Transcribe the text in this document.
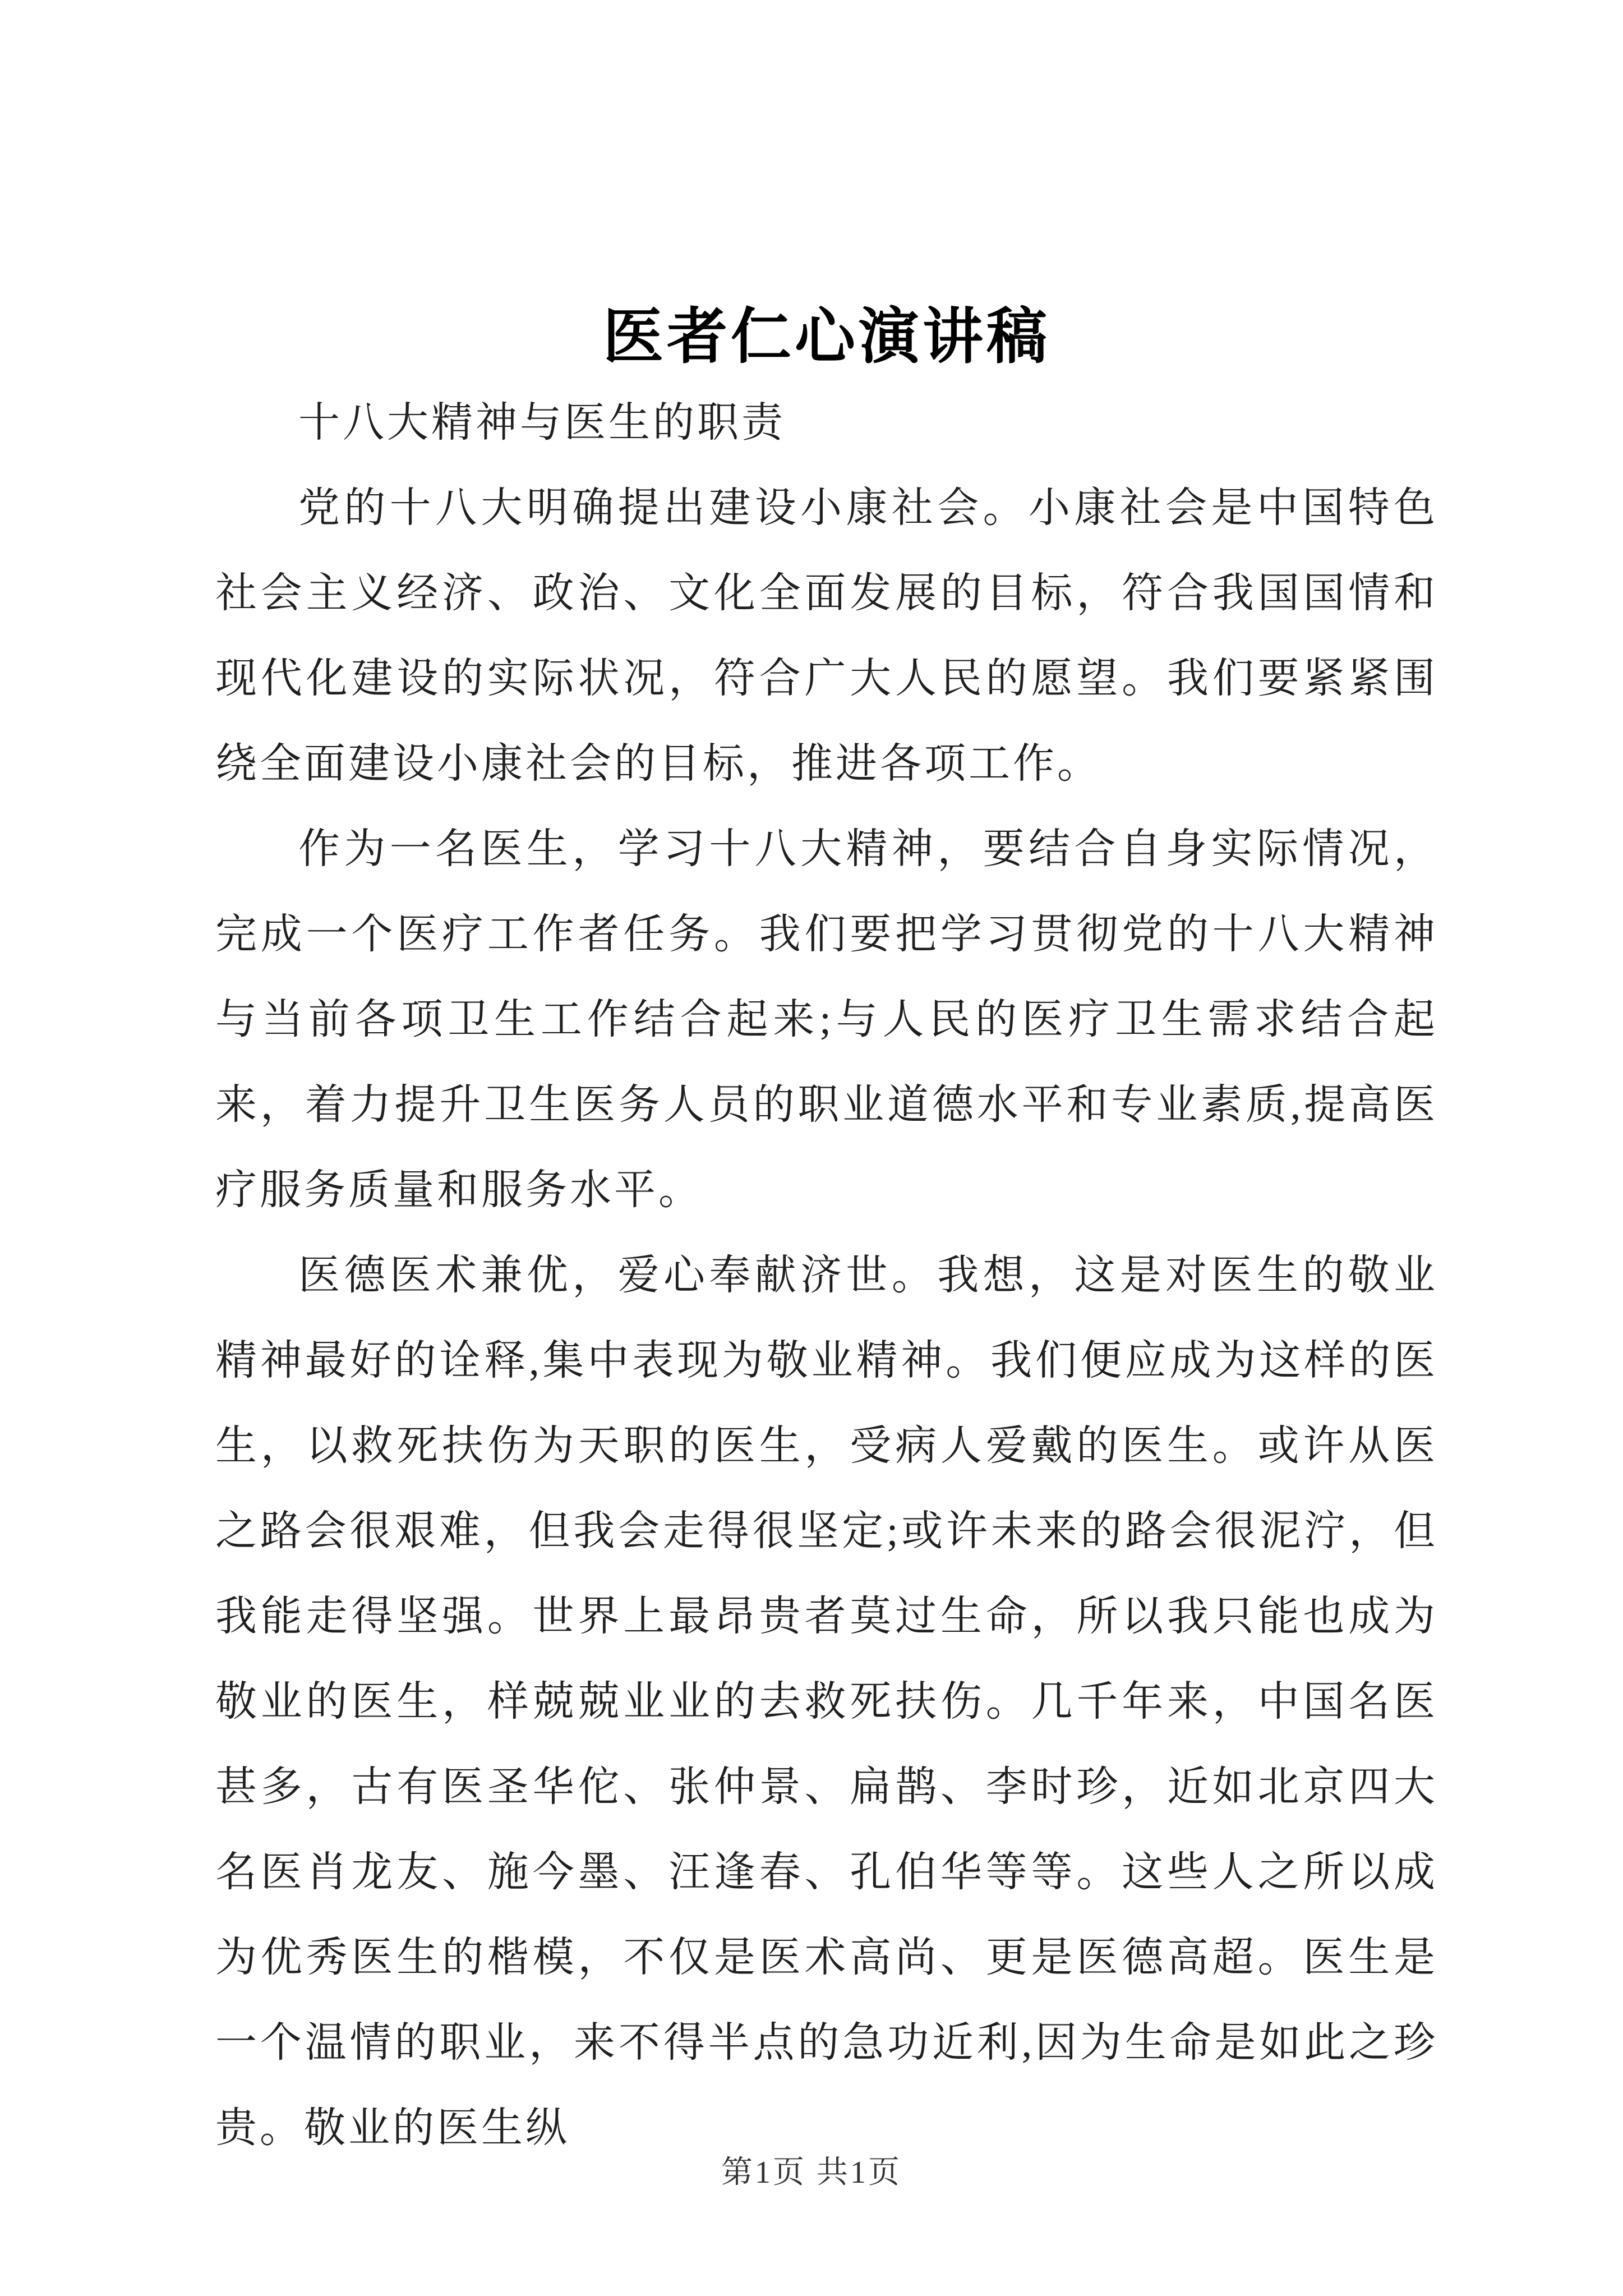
医者仁心演讲稿

十八大精神与医生的职责

党的十八大明确提出建设小康社会。小康社会是中国特色社会主义经济、政治、文化全面发展的目标，符合我国国情和现代化建设的实际状况，符合广大人民的愿望。我们要紧紧围绕全面建设小康社会的目标，推进各项工作。

作为一名医生，学习十八大精神，要结合自身实际情况，完成一个医疗工作者任务。我们要把学习贯彻党的十八大精神与当前各项卫生工作结合起来;与人民的医疗卫生需求结合起来，着力提升卫生医务人员的职业道德水平和专业素质,提高医疗服务质量和服务水平。

医德医术兼优，爱心奉献济世。我想，这是对医生的敬业精神最好的诠释,集中表现为敬业精神。我们便应成为这样的医生，以救死扶伤为天职的医生，受病人爱戴的医生。或许从医之路会很艰难，但我会走得很坚定;或许未来的路会很泥泞，但我能走得坚强。世界上最昂贵者莫过生命，所以我只能也成为敬业的医生，样兢兢业业的去救死扶伤。几千年来，中国名医甚多，古有医圣华佗、张仲景、扁鹊、李时珍，近如北京四大名医肖龙友、施今墨、汪逢春、孔伯华等等。这些人之所以成为优秀医生的楷模，不仅是医术高尚、更是医德高超。医生是一个温情的职业，来不得半点的急功近利,因为生命是如此之珍贵。敬业的医生纵

第1页 共1页
